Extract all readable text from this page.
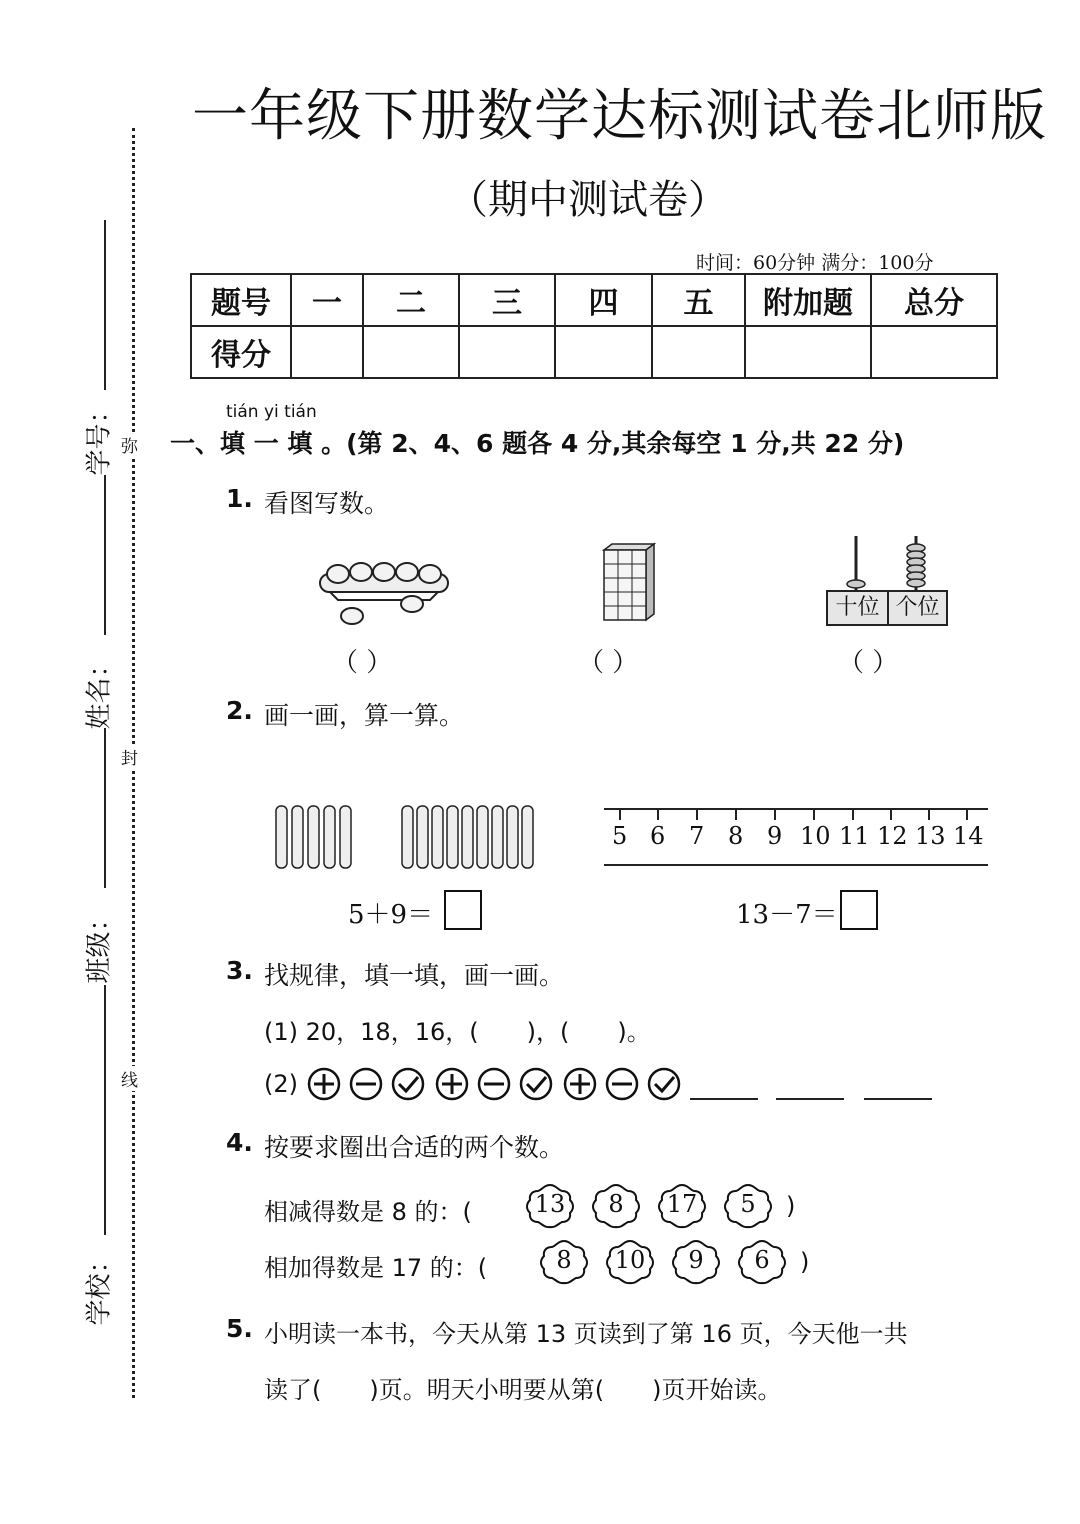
学号：
姓名：
班级：
学校：
弥
封
线
一年级下册数学达标测试卷北师版
（期中测试卷）
时间：60分钟 满分：100分
题号	一	二	三	四	五	附加题	总分
得分							
tián yi tián
一、填 一 填 。(第 2、4、6 题各 4 分,其余每空 1 分,共 22 分)
1. 看图写数。
十位 个位
（ ）	（ ）	（ ）
2. 画一画，算一算。
5 6 7 8 9 10 11 12 13 14
5＋9＝	13－7＝
3. 找规律，填一填，画一画。
(1) 20，18，16，(　　)，(　　)。
(2)
4. 按要求圈出合适的两个数。
相减得数是 8 的：(	13	8	17	5	)
相加得数是 17 的：(	8	10	9	6	)
5. 小明读一本书，今天从第 13 页读到了第 16 页，今天他一共
读了(　　)页。明天小明要从第(　　)页开始读。
